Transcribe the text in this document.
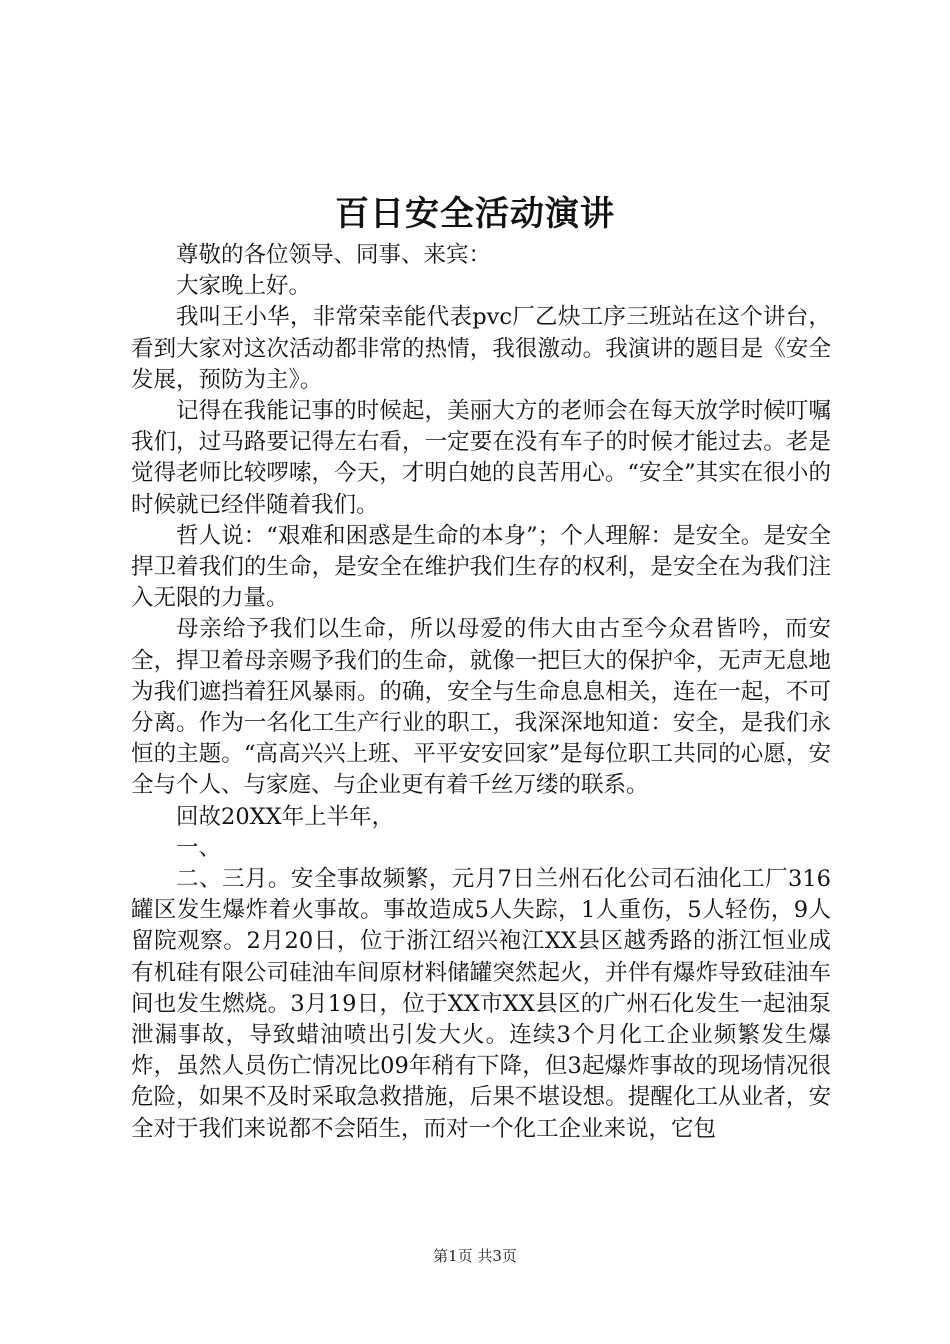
百日安全活动演讲

尊敬的各位领导、同事、来宾：

大家晚上好。

我叫王小华，非常荣幸能代表pvc厂乙炔工序三班站在这个讲台，看到大家对这次活动都非常的热情，我很激动。我演讲的题目是《安全发展，预防为主》。

记得在我能记事的时候起，美丽大方的老师会在每天放学时候叮嘱我们，过马路要记得左右看，一定要在没有车子的时候才能过去。老是觉得老师比较啰嗦，今天，才明白她的良苦用心。“安全”其实在很小的时候就已经伴随着我们。

哲人说：“艰难和困惑是生命的本身”；个人理解：是安全。是安全捍卫着我们的生命，是安全在维护我们生存的权利，是安全在为我们注入无限的力量。

母亲给予我们以生命，所以母爱的伟大由古至今众君皆吟，而安全，捍卫着母亲赐予我们的生命，就像一把巨大的保护伞，无声无息地为我们遮挡着狂风暴雨。的确，安全与生命息息相关，连在一起，不可分离。作为一名化工生产行业的职工，我深深地知道：安全，是我们永恒的主题。“高高兴兴上班、平平安安回家”是每位职工共同的心愿，安全与个人、与家庭、与企业更有着千丝万缕的联系。

回故20XX年上半年，

一、

二、三月。安全事故频繁，元月7日兰州石化公司石油化工厂316罐区发生爆炸着火事故。事故造成5人失踪，1人重伤，5人轻伤，9人留院观察。2月20日，位于浙江绍兴袍江XX县区越秀路的浙江恒业成有机硅有限公司硅油车间原材料储罐突然起火，并伴有爆炸导致硅油车间也发生燃烧。3月19日，位于XX市XX县区的广州石化发生一起油泵泄漏事故，导致蜡油喷出引发大火。连续3个月化工企业频繁发生爆炸，虽然人员伤亡情况比09年稍有下降，但3起爆炸事故的现场情况很危险，如果不及时采取急救措施，后果不堪设想。提醒化工从业者，安全对于我们来说都不会陌生，而对一个化工企业来说，它包

第1页 共3页
